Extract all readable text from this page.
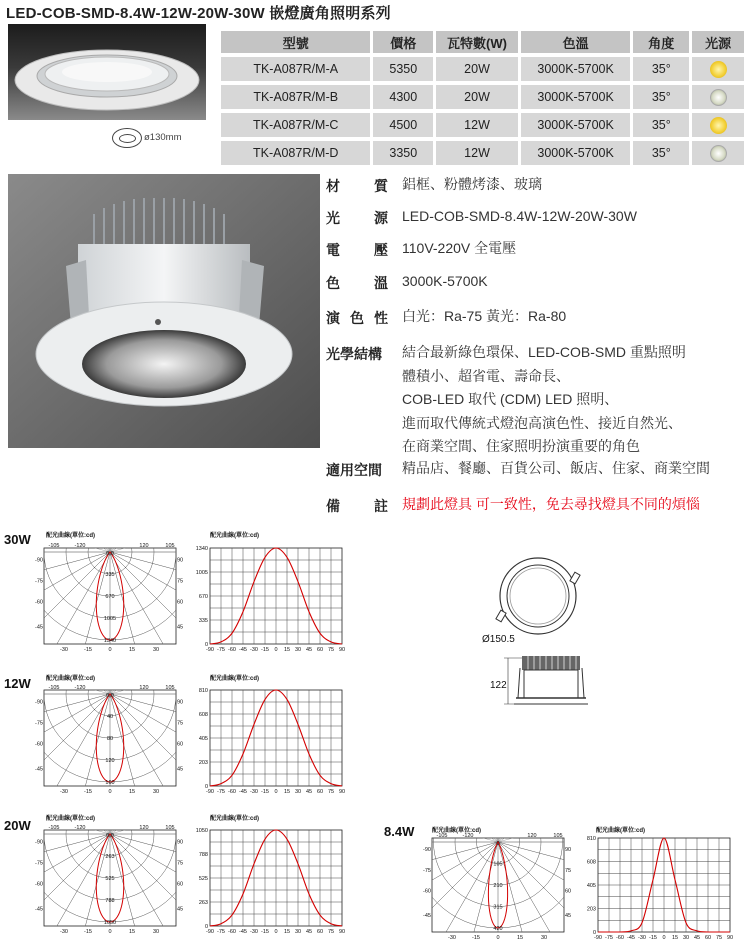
LED-COB-SMD-8.4W-12W-20W-30W 嵌燈廣角照明系列
ø130mm
型號	價格	瓦特數(W)	色溫	角度	光源
TK-A087R/M-A	5350	20W	3000K-5700K	35°	
TK-A087R/M-B	4300	20W	3000K-5700K	35°	
TK-A087R/M-C	4500	12W	3000K-5700K	35°	
TK-A087R/M-D	3350	12W	3000K-5700K	35°	
材 質 鋁框、粉體烤漆、玻璃
光 源 LED-COB-SMD-8.4W-12W-20W-30W
電 壓 110V-220V 全電壓
色 溫 3000K-5700K
演 色 性 白光：Ra-75 黃光：Ra-80
光學結構 結合最新綠色環保、LED-COB-SMD 重點照明
體積小、超省電、壽命長、
COB-LED 取代 (CDM) LED 照明、
進而取代傳統式燈泡高演色性、接近自然光、
在商業空間、住家照明扮演重要的角色
適用空間 精品店、餐廳、百貨公司、飯店、住家、商業空間
備 註 規劃此燈具 可一致性，免去尋找燈具不同的煩惱
30W
12W
20W	8.4W
配光曲線(單位:cd)	配光曲線(單位:cd)
配光曲線(單位:cd)	配光曲線(單位:cd)
配光曲線(單位:cd)	配光曲線(單位:cd)
配光曲線(單位:cd)	配光曲線(單位:cd)
0.0
335
670
1005
1340
-105	-120	120	105
-90	90
-75	75
-60	60
-45	45
-30	-15	0	15	30
0
335
670
1005
1340
-90 -75 -60 -45 -30 -15 0 15 30 45 60 75 90
0.0
40
80
120
160
-105	-120	120	105
-90	90
-75	75
-60	60
-45	45
-30	-15	0	15	30
0
203
405
608
810
-90 -75 -60 -45 -30 -15 0 15 30 45 60 75 90
0.0
263
525
788
1050
-105	-120	120	105
-90	90
-75	75
-60	60
-45	45
-30	-15	0	15	30
0
263
525
788
1050
-90 -75 -60 -45 -30 -15 0 15 30 45 60 75 90
0
105
210
315
420
-105	-120	120	105
-90	90
-75	75
-60	60
-45	45
-30	-15	0	15	30
0
203
405
608
810
-90 -75 -60 -45 -30 -15 0 15 30 45 60 75 90
Ø150.5
122
